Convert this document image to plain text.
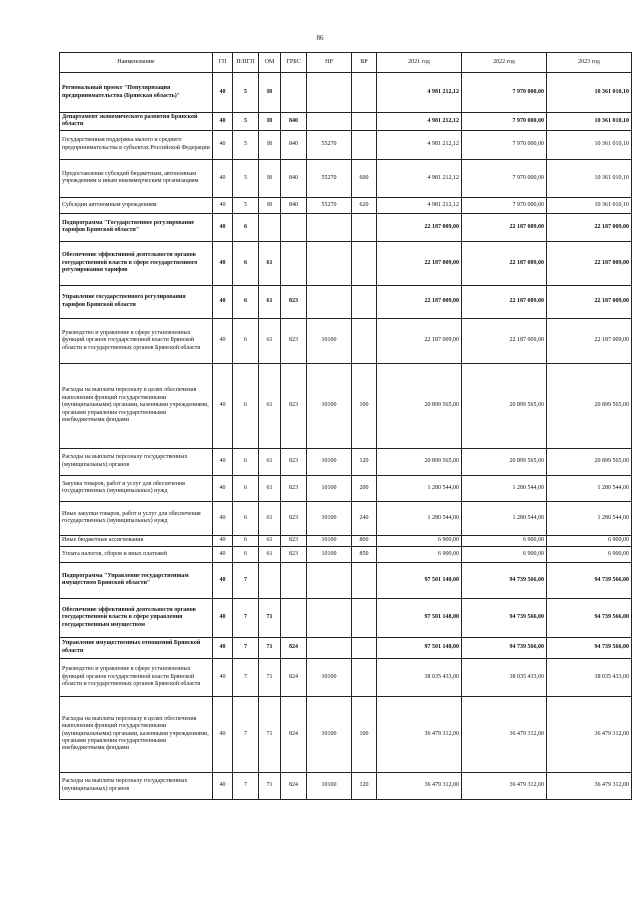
86
Наименование	ГП	П/ПГП	ОМ	ГРБС	НР	ВР	2021 год	2022 год	2023 год
Региональный проект "Популяризация предпринимательства (Брянская область)"	40	5	I8				4 981 212,12	7 970 000,00	10 361 010,10
Департамент экономического развития Брянской области	40	5	I8	840			4 981 212,12	7 970 000,00	10 361 010,10
Государственная поддержка малого и среднего предпринимательства в субъектах Российской Федерации	40	5	I8	840	55270		4 981 212,12	7 970 000,00	10 361 010,10
Предоставление субсидий бюджетным, автономным учреждениям и иным некоммерческим организациям	40	5	I8	840	55270	600	4 981 212,12	7 970 000,00	10 361 010,10
Субсидии автономным учреждениям	40	5	I8	840	55270	620	4 981 212,12	7 970 000,00	10 361 010,10
Подпрограмма "Государственное регулирование тарифов Брянской области"	40	6					22 187 009,00	22 187 009,00	22 187 009,00
Обеспечение эффективной деятельности органов государственной власти в сфере государственного регулирования тарифов	40	6	61				22 187 009,00	22 187 009,00	22 187 009,00
Управление государственного регулирования тарифов Брянской области	40	6	61	823			22 187 009,00	22 187 009,00	22 187 009,00
Руководство и управление в сфере установленных функций органов государственной власти Брянской области и государственных органов Брянской области	40	6	61	823	10100		22 187 009,00	22 187 009,00	22 187 009,00
Расходы на выплаты персоналу в целях обеспечения выполнения функций государственными (муниципальными) органами, казенными учреждениями, органами управления государственными внебюджетными фондами	40	6	61	823	10100	100	20 899 565,00	20 899 565,00	20 899 565,00
Расходы на выплаты персоналу государственных (муниципальных) органов	40	6	61	823	10100	120	20 899 565,00	20 899 565,00	20 899 565,00
Закупка товаров, работ и услуг для обеспечения государственных (муниципальных) нужд	40	6	61	823	10100	200	1 280 544,00	1 280 544,00	1 280 544,00
Иные закупки товаров, работ и услуг для обеспечения государственных (муниципальных) нужд	40	6	61	823	10100	240	1 280 544,00	1 280 544,00	1 280 544,00
Иные бюджетные ассигнования	40	6	61	823	10100	800	6 900,00	6 900,00	6 900,00
Уплата налогов, сборов и иных платежей	40	6	61	823	10100	850	6 900,00	6 900,00	6 900,00
Подпрограмма "Управление государственным имуществом Брянской области"	40	7					97 501 148,00	94 739 566,00	94 739 566,00
Обеспечение эффективной деятельности органов государственной власти в сфере управления государственным имуществом	40	7	71				97 501 148,00	94 739 566,00	94 739 566,00
Управление имущественных отношений Брянской области	40	7	71	824			97 501 148,00	94 739 566,00	94 739 566,00
Руководство и управление в сфере установленных функций органов государственной власти Брянской области и государственных органов Брянской области	40	7	71	824	10100		38 035 433,00	38 035 433,00	38 035 433,00
Расходы на выплаты персоналу в целях обеспечения выполнения функций государственными (муниципальными) органами, казенными учреждениями, органами управления государственными внебюджетными фондами	40	7	71	824	10100	100	36 479 312,00	36 479 312,00	36 479 312,00
Расходы на выплаты персоналу государственных (муниципальных) органов	40	7	71	824	10100	120	36 479 312,00	36 479 312,00	36 479 312,00
